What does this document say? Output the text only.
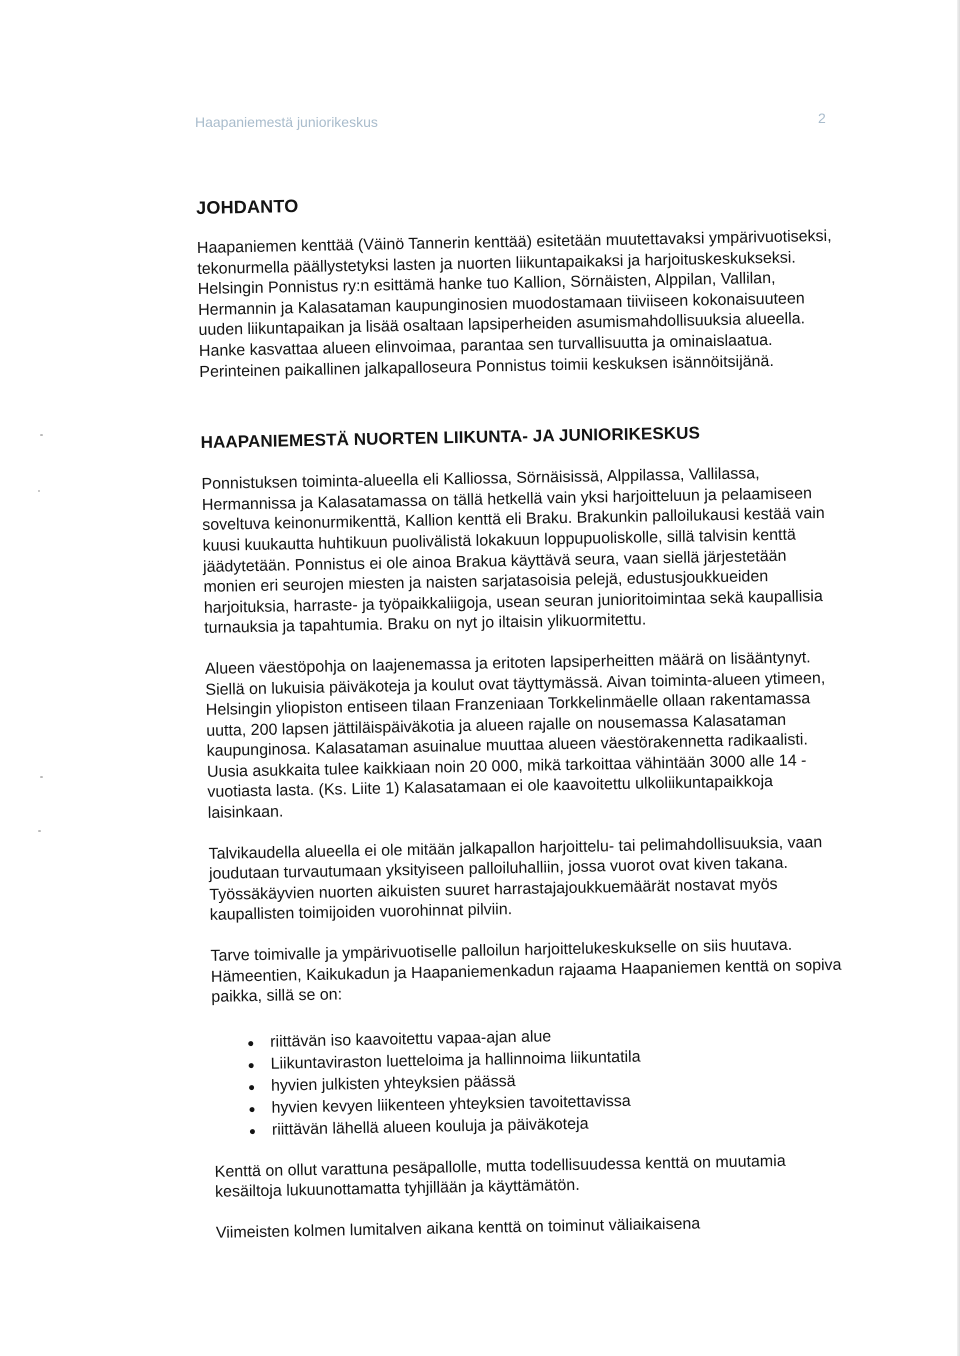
Haapaniemestä juniorikeskus	2
JOHDANTO

Haapaniemen kenttää (Väinö Tannerin kenttää) esitetään muutettavaksi ympärivuotiseksi, tekonurmella päällystetyksi lasten ja nuorten liikuntapaikaksi ja harjoituskeskukseksi. Helsingin Ponnistus ry:n esittämä hanke tuo Kallion, Sörnäisten, Alppilan, Vallilan, Hermannin ja Kalasataman kaupunginosien muodostamaan tiiviiseen kokonaisuuteen uuden liikuntapaikan ja lisää osaltaan lapsiperheiden asumismahdollisuuksia alueella. Hanke kasvattaa alueen elinvoimaa, parantaa sen turvallisuutta ja ominaislaatua. Perinteinen paikallinen jalkapalloseura Ponnistus toimii keskuksen isännöitsijänä.

HAAPANIEMESTÄ NUORTEN LIIKUNTA- JA JUNIORIKESKUS

Ponnistuksen toiminta-alueella eli Kalliossa, Sörnäisissä, Alppilassa, Vallilassa, Hermannissa ja Kalasatamassa on tällä hetkellä vain yksi harjoitteluun ja pelaamiseen soveltuva keinonurmikenttä, Kallion kenttä eli Braku. Brakunkin palloilukausi kestää vain kuusi kuukautta huhtikuun puolivälistä lokakuun loppupuoliskolle, sillä talvisin kenttä jäädytetään. Ponnistus ei ole ainoa Brakua käyttävä seura, vaan siellä järjestetään monien eri seurojen miesten ja naisten sarjatasoisia pelejä, edustusjoukkueiden harjoituksia, harraste- ja työpaikkaliigoja, usean seuran junioritoimintaa sekä kaupallisia turnauksia ja tapahtumia. Braku on nyt jo iltaisin ylikuormitettu.

Alueen väestöpohja on laajenemassa ja eritoten lapsiperheitten määrä on lisääntynyt. Siellä on lukuisia päiväkoteja ja koulut ovat täyttymässä. Aivan toiminta-alueen ytimeen, Helsingin yliopiston entiseen tilaan Franzeniaan Torkkelinmäelle ollaan rakentamassa uutta, 200 lapsen jättiläispäiväkotia ja alueen rajalle on nousemassa Kalasataman kaupunginosa. Kalasataman asuinalue muuttaa alueen väestörakennetta radikaalisti. Uusia asukkaita tulee kaikkiaan noin 20 000, mikä tarkoittaa vähintään 3000 alle 14 -vuotiasta lasta. (Ks. Liite 1) Kalasatamaan ei ole kaavoitettu ulkoliikuntapaikkoja laisinkaan.

Talvikaudella alueella ei ole mitään jalkapallon harjoittelu- tai pelimahdollisuuksia, vaan joudutaan turvautumaan yksityiseen palloiluhalliin, jossa vuorot ovat kiven takana. Työssäkäyvien nuorten aikuisten suuret harrastajajoukkuemäärät nostavat myös kaupallisten toimijoiden vuorohinnat pilviin.

Tarve toimivalle ja ympärivuotiselle palloilun harjoittelukeskukselle on siis huutava. Hämeentien, Kaikukadun ja Haapaniemenkadun rajaama Haapaniemen kenttä on sopiva paikka, sillä se on:

riittävän iso kaavoitettu vapaa-ajan alue
Liikuntaviraston luetteloima ja hallinnoima liikuntatila
hyvien julkisten yhteyksien päässä
hyvien kevyen liikenteen yhteyksien tavoitettavissa
riittävän lähellä alueen kouluja ja päiväkoteja

Kenttä on ollut varattuna pesäpallolle, mutta todellisuudessa kenttä on muutamia kesäiltoja lukuunottamatta tyhjillään ja käyttämätön.

Viimeisten kolmen lumitalven aikana kenttä on toiminut väliaikaisena
